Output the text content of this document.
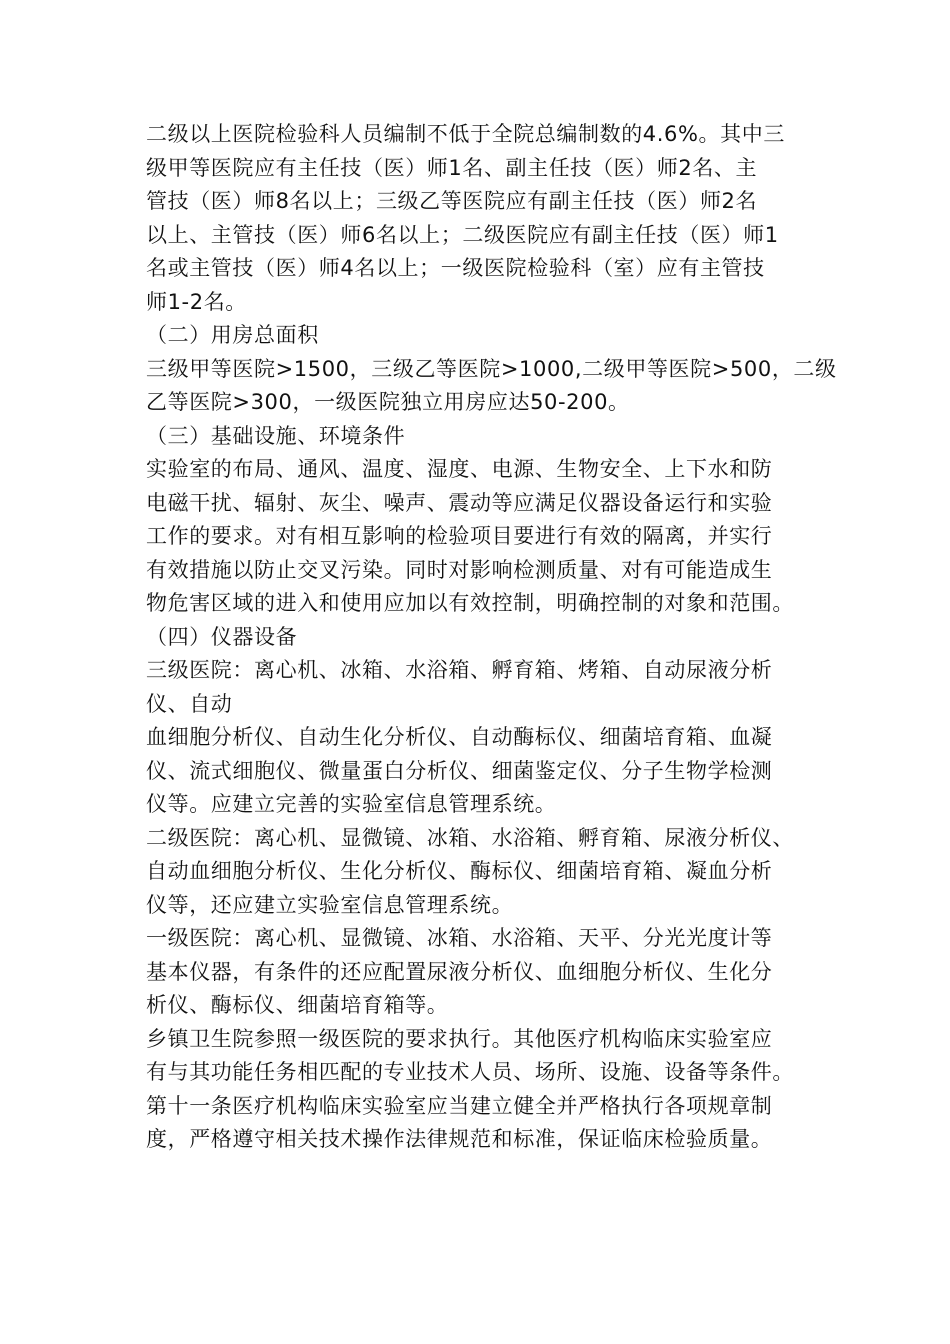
二级以上医院检验科人员编制不低于全院总编制数的4.6%。其中三
级甲等医院应有主任技（医）师1名、副主任技（医）师2名、主
管技（医）师8名以上；三级乙等医院应有副主任技（医）师2名
以上、主管技（医）师6名以上；二级医院应有副主任技（医）师1
名或主管技（医）师4名以上；一级医院检验科（室）应有主管技
师1-2名。
（二）用房总面积
三级甲等医院>1500，三级乙等医院>1000,二级甲等医院>500，二级
乙等医院>300，一级医院独立用房应达50-200。
（三）基础设施、环境条件
实验室的布局、通风、温度、湿度、电源、生物安全、上下水和防
电磁干扰、辐射、灰尘、噪声、震动等应满足仪器设备运行和实验
工作的要求。对有相互影响的检验项目要进行有效的隔离，并实行
有效措施以防止交叉污染。同时对影响检测质量、对有可能造成生
物危害区域的进入和使用应加以有效控制，明确控制的对象和范围。
（四）仪器设备
三级医院：离心机、冰箱、水浴箱、孵育箱、烤箱、自动尿液分析
仪、自动
血细胞分析仪、自动生化分析仪、自动酶标仪、细菌培育箱、血凝
仪、流式细胞仪、微量蛋白分析仪、细菌鉴定仪、分子生物学检测
仪等。应建立完善的实验室信息管理系统。
二级医院：离心机、显微镜、冰箱、水浴箱、孵育箱、尿液分析仪、
自动血细胞分析仪、生化分析仪、酶标仪、细菌培育箱、凝血分析
仪等，还应建立实验室信息管理系统。
一级医院：离心机、显微镜、冰箱、水浴箱、天平、分光光度计等
基本仪器，有条件的还应配置尿液分析仪、血细胞分析仪、生化分
析仪、酶标仪、细菌培育箱等。
乡镇卫生院参照一级医院的要求执行。其他医疗机构临床实验室应
有与其功能任务相匹配的专业技术人员、场所、设施、设备等条件。
第十一条医疗机构临床实验室应当建立健全并严格执行各项规章制
度，严格遵守相关技术操作法律规范和标准，保证临床检验质量。
